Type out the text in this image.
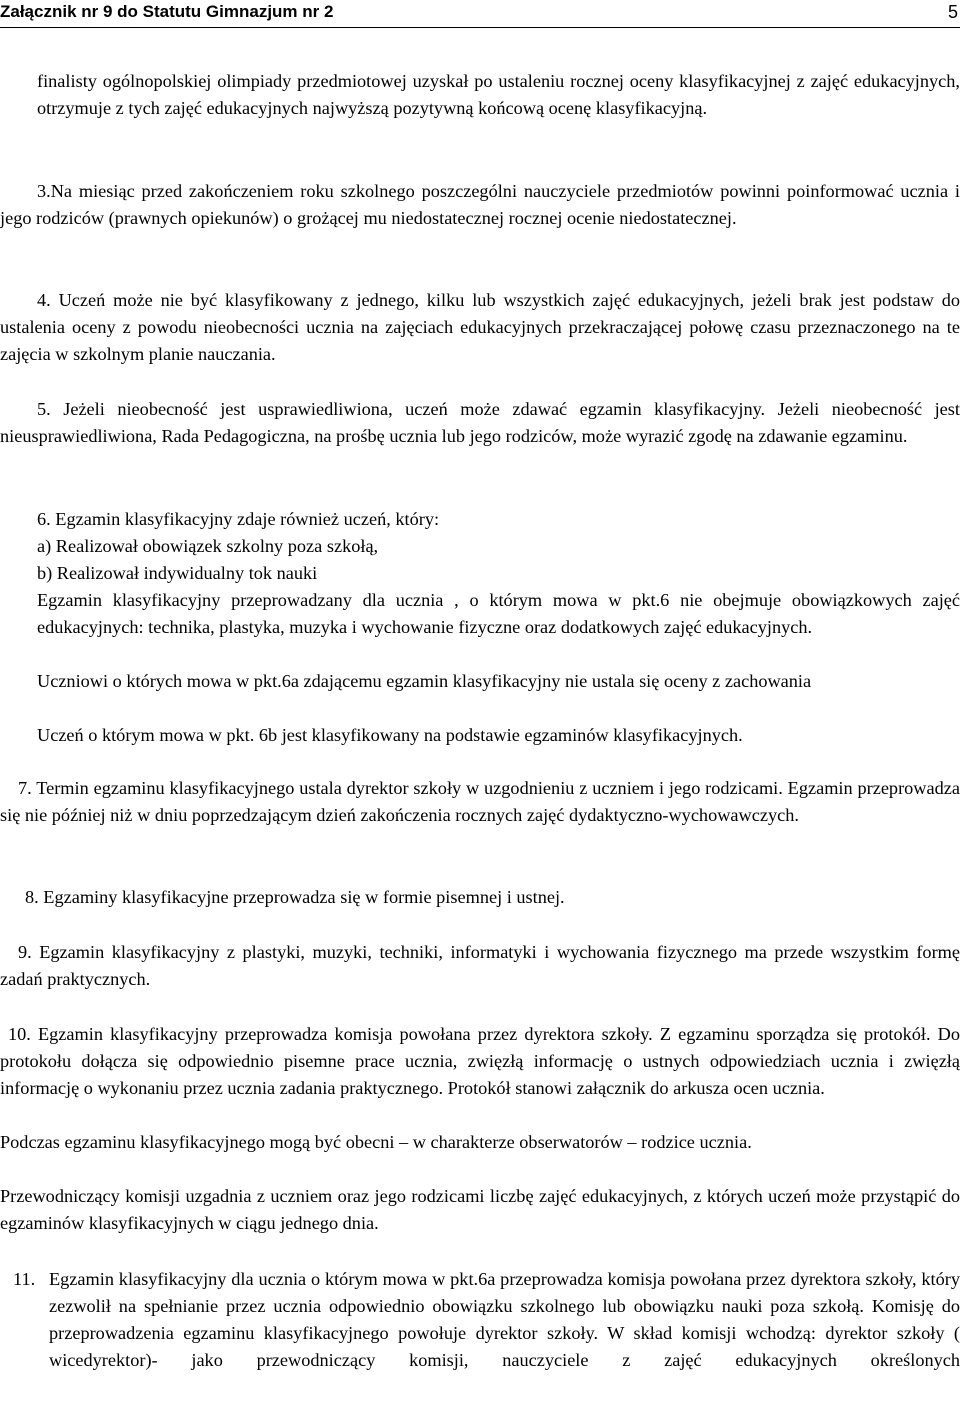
Załącznik nr 9 do Statutu Gimnazjum nr 2	5

finalisty ogólnopolskiej olimpiady przedmiotowej uzyskał po ustaleniu rocznej oceny klasyfikacyjnej z zajęć edukacyjnych, otrzymuje z tych zajęć edukacyjnych najwyższą pozytywną końcową ocenę klasyfikacyjną.

3.Na miesiąc przed zakończeniem roku szkolnego poszczególni nauczyciele przedmiotów powinni poinformować ucznia i jego rodziców (prawnych opiekunów) o grożącej mu niedostatecznej rocznej ocenie niedostatecznej.

4. Uczeń może nie być klasyfikowany z jednego, kilku lub wszystkich zajęć edukacyjnych, jeżeli brak jest podstaw do ustalenia oceny z powodu nieobecności ucznia na zajęciach edukacyjnych przekraczającej połowę czasu przeznaczonego na te zajęcia w szkolnym planie nauczania.

5. Jeżeli nieobecność jest usprawiedliwiona, uczeń może zdawać egzamin klasyfikacyjny. Jeżeli nieobecność jest nieusprawiedliwiona, Rada Pedagogiczna, na prośbę ucznia lub jego rodziców, może wyrazić zgodę na zdawanie egzaminu.

6. Egzamin klasyfikacyjny zdaje również uczeń, który:

a) Realizował obowiązek szkolny poza szkołą,

b) Realizował indywidualny tok nauki

Egzamin klasyfikacyjny przeprowadzany dla ucznia , o którym mowa w pkt.6 nie obejmuje obowiązkowych zajęć edukacyjnych: technika, plastyka, muzyka i wychowanie fizyczne oraz dodatkowych zajęć edukacyjnych.

Uczniowi o których mowa w pkt.6a zdającemu egzamin klasyfikacyjny nie ustala się oceny z zachowania

Uczeń o którym mowa w pkt. 6b jest klasyfikowany na podstawie egzaminów klasyfikacyjnych.

7. Termin egzaminu klasyfikacyjnego ustala dyrektor szkoły w uzgodnieniu z uczniem i jego rodzicami. Egzamin przeprowadza się nie później niż w dniu poprzedzającym dzień zakończenia rocznych zajęć dydaktyczno-wychowawczych.

8. Egzaminy klasyfikacyjne przeprowadza się w formie pisemnej i ustnej.

9. Egzamin klasyfikacyjny z plastyki, muzyki, techniki, informatyki i wychowania fizycznego ma przede wszystkim formę zadań praktycznych.

10. Egzamin klasyfikacyjny przeprowadza komisja powołana przez dyrektora szkoły. Z egzaminu sporządza się protokół. Do protokołu dołącza się odpowiednio pisemne prace ucznia, zwięzłą informację o ustnych odpowiedziach ucznia i zwięzłą informację o wykonaniu przez ucznia zadania praktycznego. Protokół stanowi załącznik do arkusza ocen ucznia.

Podczas egzaminu klasyfikacyjnego mogą być obecni – w charakterze obserwatorów – rodzice ucznia.

Przewodniczący komisji uzgadnia z uczniem oraz jego rodzicami liczbę zajęć edukacyjnych, z których uczeń może przystąpić do egzaminów klasyfikacyjnych w ciągu jednego dnia.

11. Egzamin klasyfikacyjny dla ucznia o którym mowa w pkt.6a przeprowadza komisja powołana przez dyrektora szkoły, który zezwolił na spełnianie przez ucznia odpowiednio obowiązku szkolnego lub obowiązku nauki poza szkołą. Komisję do przeprowadzenia egzaminu klasyfikacyjnego powołuje dyrektor szkoły. W skład komisji wchodzą: dyrektor szkoły ( wicedyrektor)- jako przewodniczący komisji, nauczyciele z zajęć edukacyjnych określonych
